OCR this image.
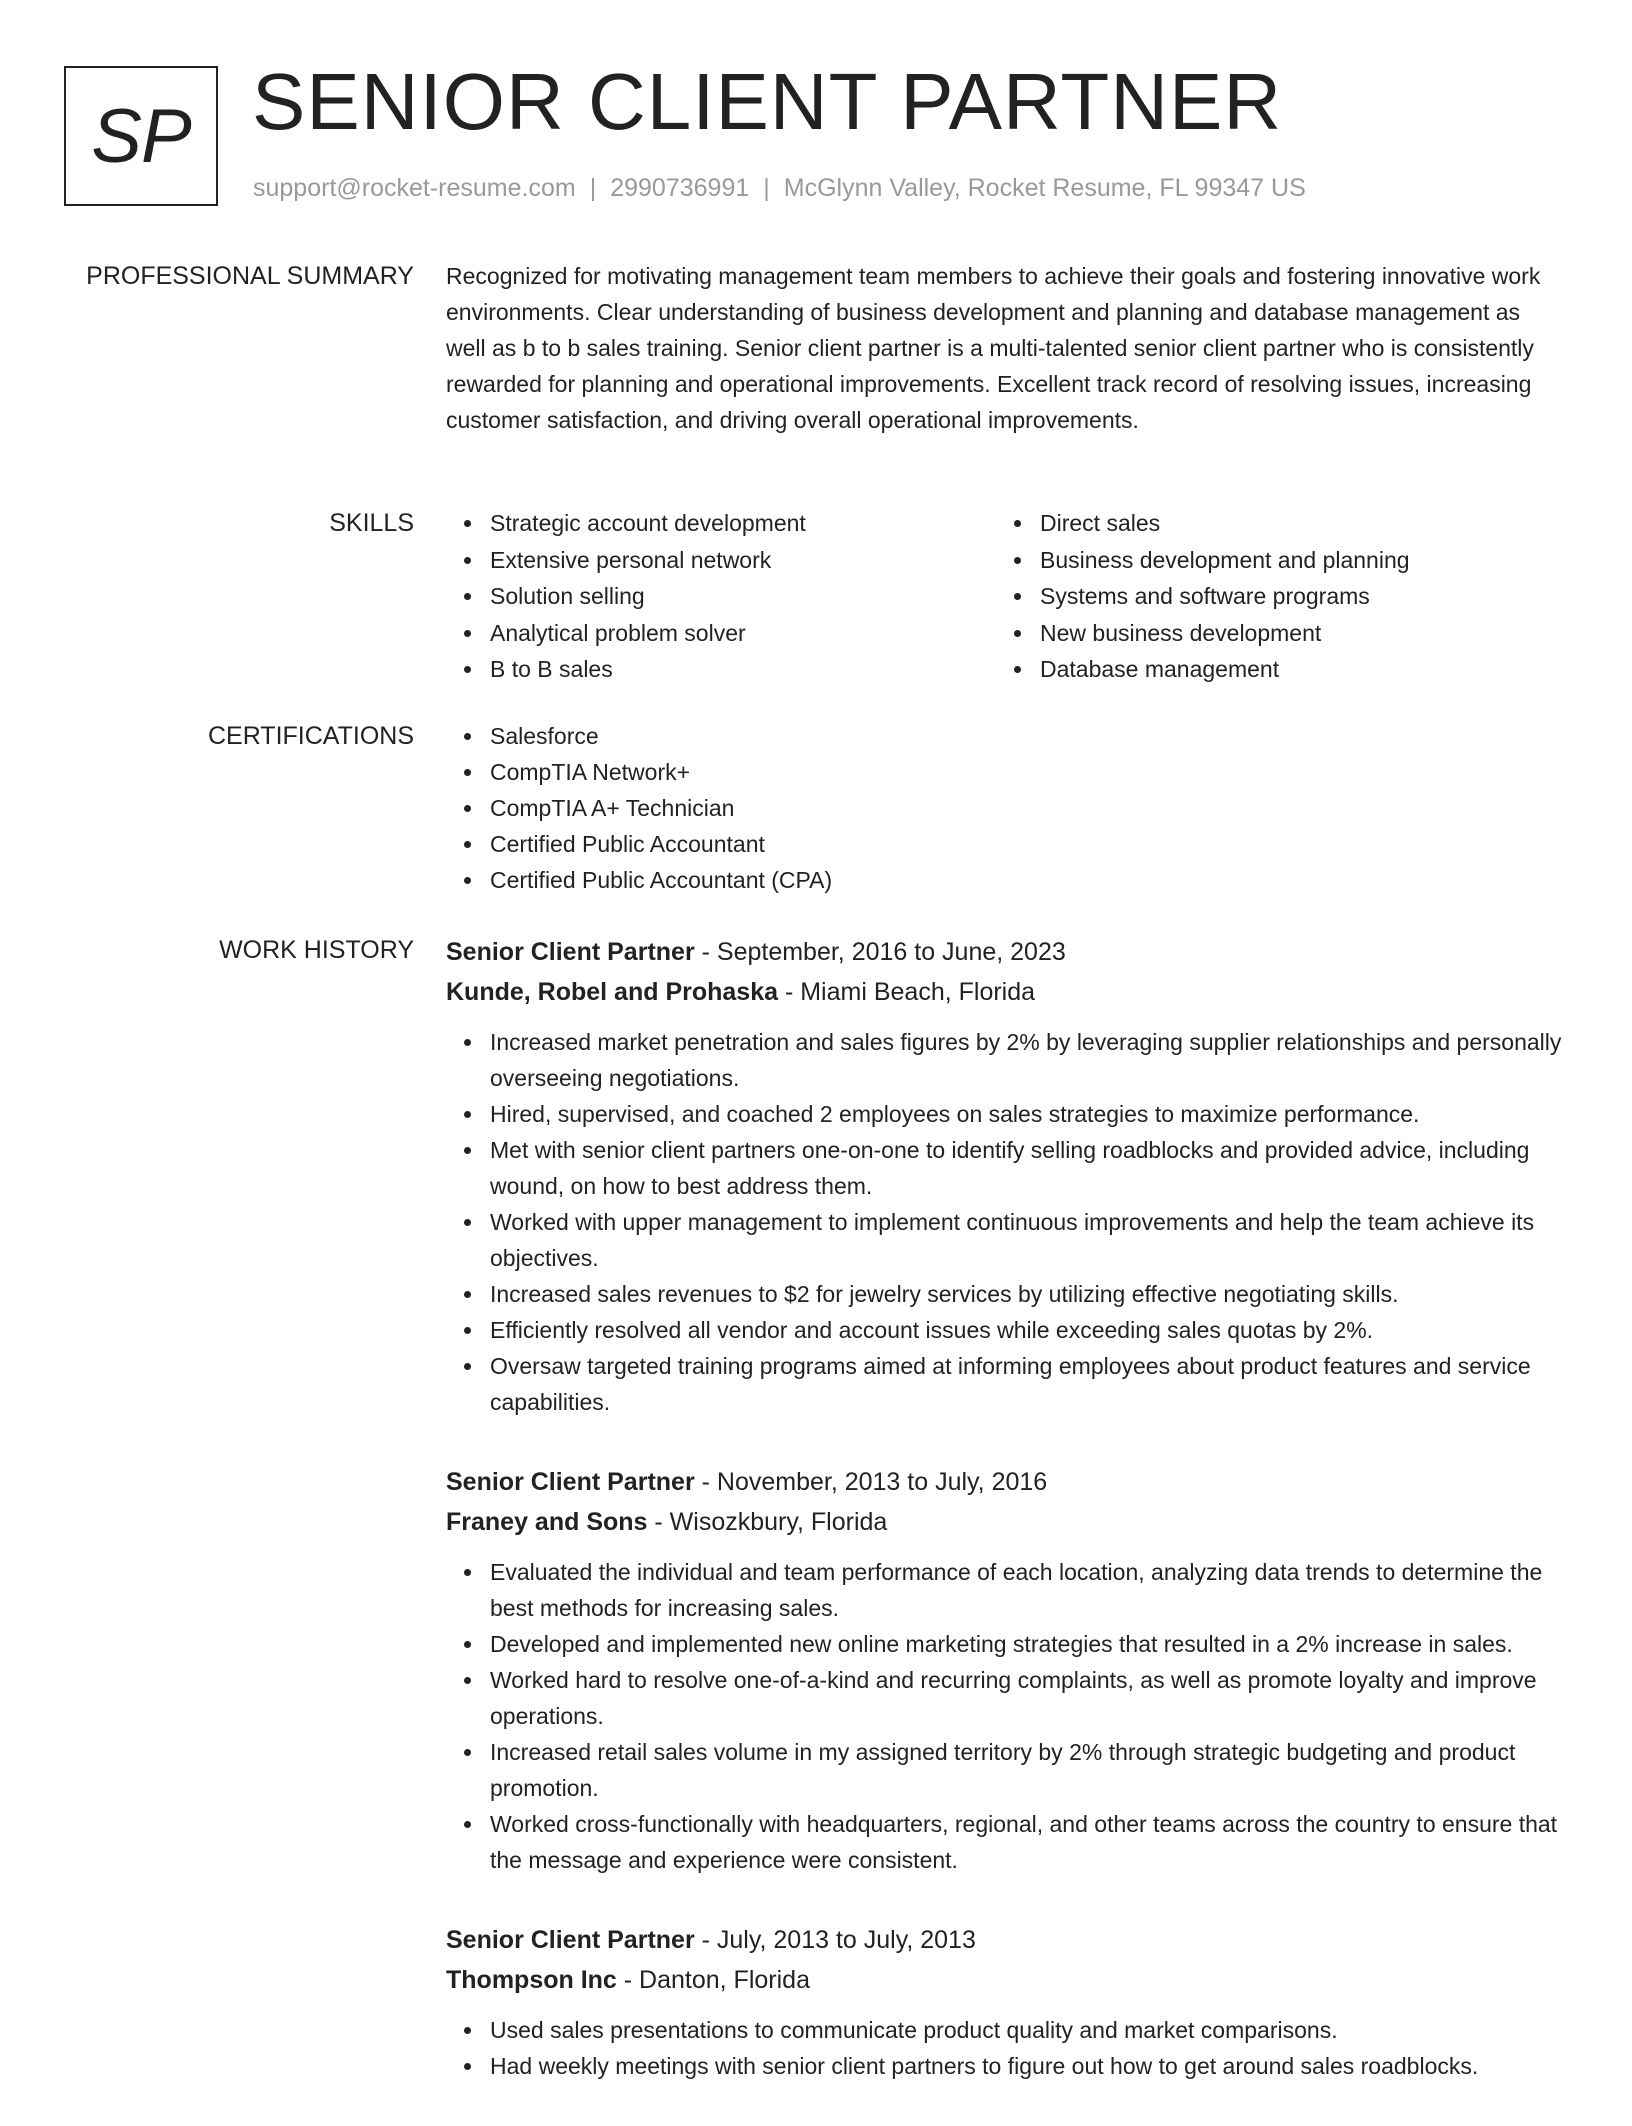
SP SENIOR CLIENT PARTNER
support@rocket-resume.com | 2990736991 | McGlynn Valley, Rocket Resume, FL 99347 US
PROFESSIONAL SUMMARY Recognized for motivating management team members to achieve their goals and fostering innovative work environments. Clear understanding of business development and planning and database management as well as b to b sales training. Senior client partner is a multi-talented senior client partner who is consistently rewarded for planning and operational improvements. Excellent track record of resolving issues, increasing customer satisfaction, and driving overall operational improvements.

SKILLS	Strategic account development
Extensive personal network
Solution selling
Analytical problem solver
B to B sales
Direct sales
Business development and planning
Systems and software programs
New business development
Database management
CERTIFICATIONS	Salesforce
CompTIA Network+
CompTIA A+ Technician
Certified Public Accountant
Certified Public Accountant (CPA)
WORK HISTORY Senior Client Partner - September, 2016 to June, 2023
Kunde, Robel and Prohaska - Miami Beach, Florida
Increased market penetration and sales figures by 2% by leveraging supplier relationships and personally overseeing negotiations.
Hired, supervised, and coached 2 employees on sales strategies to maximize performance.
Met with senior client partners one-on-one to identify selling roadblocks and provided advice, including wound, on how to best address them.
Worked with upper management to implement continuous improvements and help the team achieve its objectives.
Increased sales revenues to $2 for jewelry services by utilizing effective negotiating skills.
Efficiently resolved all vendor and account issues while exceeding sales quotas by 2%.
Oversaw targeted training programs aimed at informing employees about product features and service capabilities.
Senior Client Partner - November, 2013 to July, 2016
Franey and Sons - Wisozkbury, Florida
Evaluated the individual and team performance of each location, analyzing data trends to determine the best methods for increasing sales.
Developed and implemented new online marketing strategies that resulted in a 2% increase in sales.
Worked hard to resolve one-of-a-kind and recurring complaints, as well as promote loyalty and improve operations.
Increased retail sales volume in my assigned territory by 2% through strategic budgeting and product promotion.
Worked cross-functionally with headquarters, regional, and other teams across the country to ensure that the message and experience were consistent.
Senior Client Partner - July, 2013 to July, 2013
Thompson Inc - Danton, Florida
Used sales presentations to communicate product quality and market comparisons.
Had weekly meetings with senior client partners to figure out how to get around sales roadblocks.
